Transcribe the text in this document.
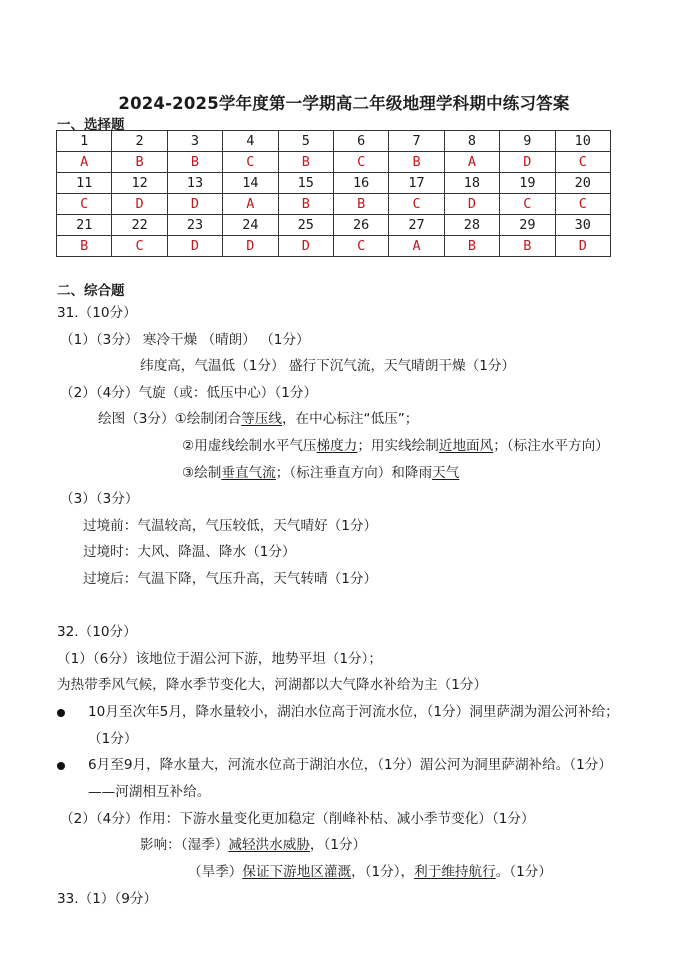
2024-2025学年度第一学期高二年级地理学科期中练习答案
一、选择题
1	2	3	4	5	6	7	8	9	10
A	B	B	C	B	C	B	A	D	C
11	12	13	14	15	16	17	18	19	20
C	D	D	A	B	B	C	D	C	C
21	22	23	24	25	26	27	28	29	30
B	C	D	D	D	C	A	B	B	D
二、综合题
31.（10分）
（1）（3分） 寒冷干燥 （晴朗） （1分）
纬度高，气温低（1分） 盛行下沉气流，天气晴朗干燥（1分）
（2）（4分）气旋（或：低压中心）（1分）
绘图（3分）①绘制闭合等压线，在中心标注“低压”；
②用虚线绘制水平气压梯度力；用实线绘制近地面风；（标注水平方向）
③绘制垂直气流；（标注垂直方向）和降雨天气
（3）（3分）
过境前：气温较高，气压较低，天气晴好（1分）
过境时：大风、降温、降水（1分）
过境后：气温下降，气压升高，天气转晴（1分）
32.（10分）
（1）（6分）该地位于湄公河下游，地势平坦（1分）；
为热带季风气候，降水季节变化大，河湖都以大气降水补给为主（1分）
10月至次年5月，降水量较小，湖泊水位高于河流水位，（1分）洞里萨湖为湄公河补给；
（1分）
6月至9月，降水量大，河流水位高于湖泊水位，（1分）湄公河为洞里萨湖补给。（1分）
——河湖相互补给。
（2）（4分）作用：下游水量变化更加稳定（削峰补枯、减小季节变化）（1分）
影响：（湿季）减轻洪水威胁，（1分）
（旱季）保证下游地区灌溉，（1分），利于维持航行。（1分）
33.（1）（9分）
